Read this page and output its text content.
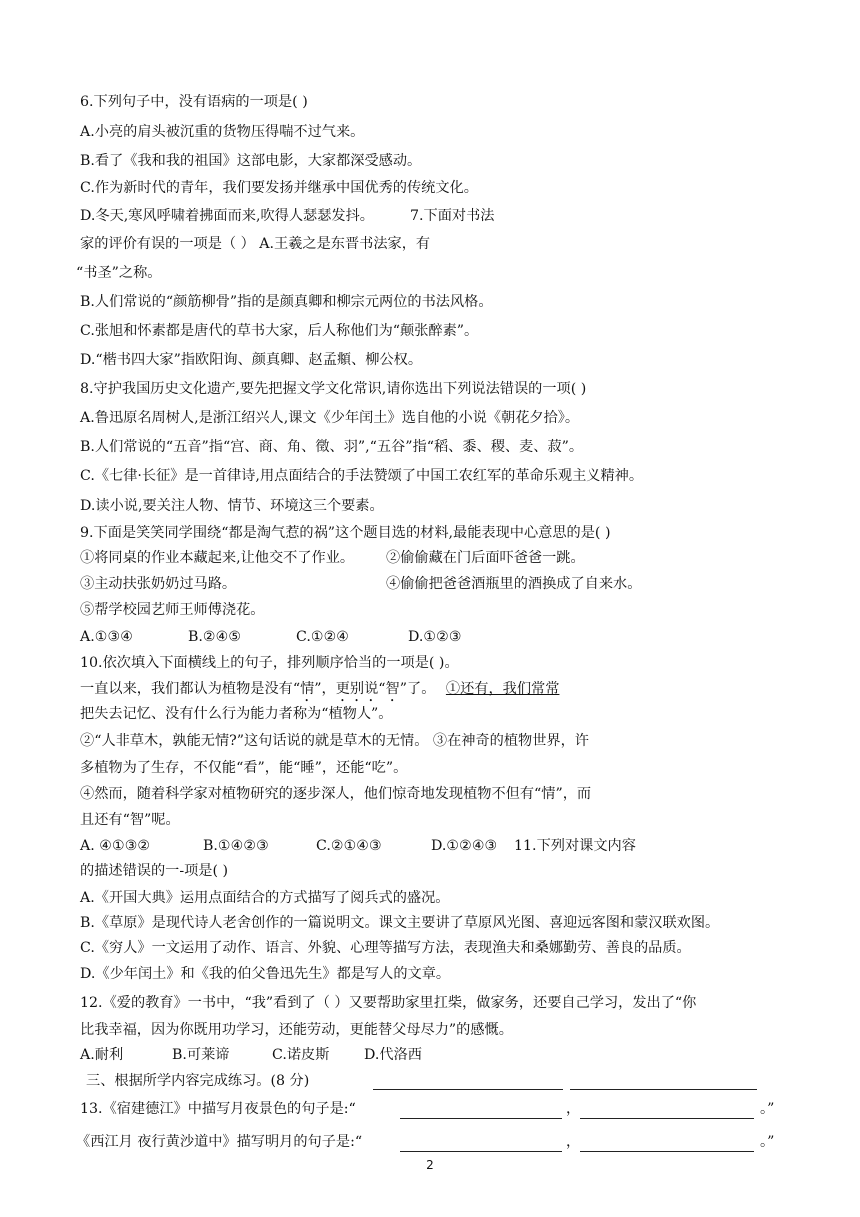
6.下列句子中，没有语病的一项是( )
A.小亮的肩头被沉重的货物压得喘不过气来。
B.看了《我和我的祖国》这部电影，大家都深受感动。
C.作为新时代的青年，我们要发扬并继承中国优秀的传统文化。
D.冬天,寒风呼啸着拂面而来,吹得人瑟瑟发抖。	7.下面对书法
家的评价有误的一项是（ ） A.王羲之是东晋书法家，有
“书圣”之称。
B.人们常说的“颜筋柳骨”指的是颜真卿和柳宗元两位的书法风格。
C.张旭和怀素都是唐代的草书大家，后人称他们为“颠张醉素”。
D.“楷书四大家”指欧阳询、颜真卿、赵孟頫、柳公权。
8.守护我国历史文化遗产,要先把握文学文化常识,请你选出下列说法错误的一项( )
A.鲁迅原名周树人,是浙江绍兴人,课文《少年闰土》选自他的小说《朝花夕拾》。
B.人们常说的“五音”指“宫、商、角、徵、羽”,“五谷”指“稻、黍、稷、麦、菽”。
C.《七律·长征》是一首律诗,用点面结合的手法赞颂了中国工农红军的革命乐观主义精神。
D.读小说,要关注人物、情节、环境这三个要素。
9.下面是笑笑同学围绕“都是淘气惹的祸”这个题目选的材料,最能表现中心意思的是( )
①将同桌的作业本藏起来,让他交不了作业。 ②偷偷藏在门后面吓爸爸一跳。
③主动扶张奶奶过马路。	④偷偷把爸爸酒瓶里的酒换成了自来水。
⑤帮学校园艺师王师傅浇花。
A.①③④	B.②④⑤	C.①②④	D.①②③
10.依次填入下面横线上的句子，排列顺序恰当的一项是( )。
一直以来，我们都认为植物是没有“情”，更别说“智”了。 ①还有，我们常常
把失去记忆、没有什么行为能力者称为“植物人”。
②“人非草木，孰能无情?”这句话说的就是草木的无情。 ③在神奇的植物世界，许
多植物为了生存，不仅能“看”，能“睡”，还能“吃”。
④然而，随着科学家对植物研究的逐步深人，他们惊奇地发现植物不但有“情”，而
且还有“智”呢。
A. ④①③②	B.①④②③	C.②①④③	D.①②④③ 11.下列对课文内容
的描述错误的一-项是( )
A.《开国大典》运用点面结合的方式描写了阅兵式的盛况。
B.《草原》是现代诗人老舍创作的一篇说明文。课文主要讲了草原风光图、喜迎远客图和蒙汉联欢图。
C.《穷人》一文运用了动作、语言、外貌、心理等描写方法，表现渔夫和桑娜勤劳、善良的品质。
D.《少年闰土》和《我的伯父鲁迅先生》都是写人的文章。
12.《爱的教育》一书中，“我”看到了（ ）又要帮助家里扛柴，做家务，还要自己学习，发出了“你
比我幸福，因为你既用功学习，还能劳动，更能替父母尽力”的感慨。
A.耐利	B.可莱谛	C.诺皮斯 D.代洛西
三、根据所学内容完成练习。(8 分)
13.《宿建德江》中描写月夜景色的句子是:“	，	。”
《西江月 夜行黄沙道中》描写明月的句子是:“	，	。”
2
